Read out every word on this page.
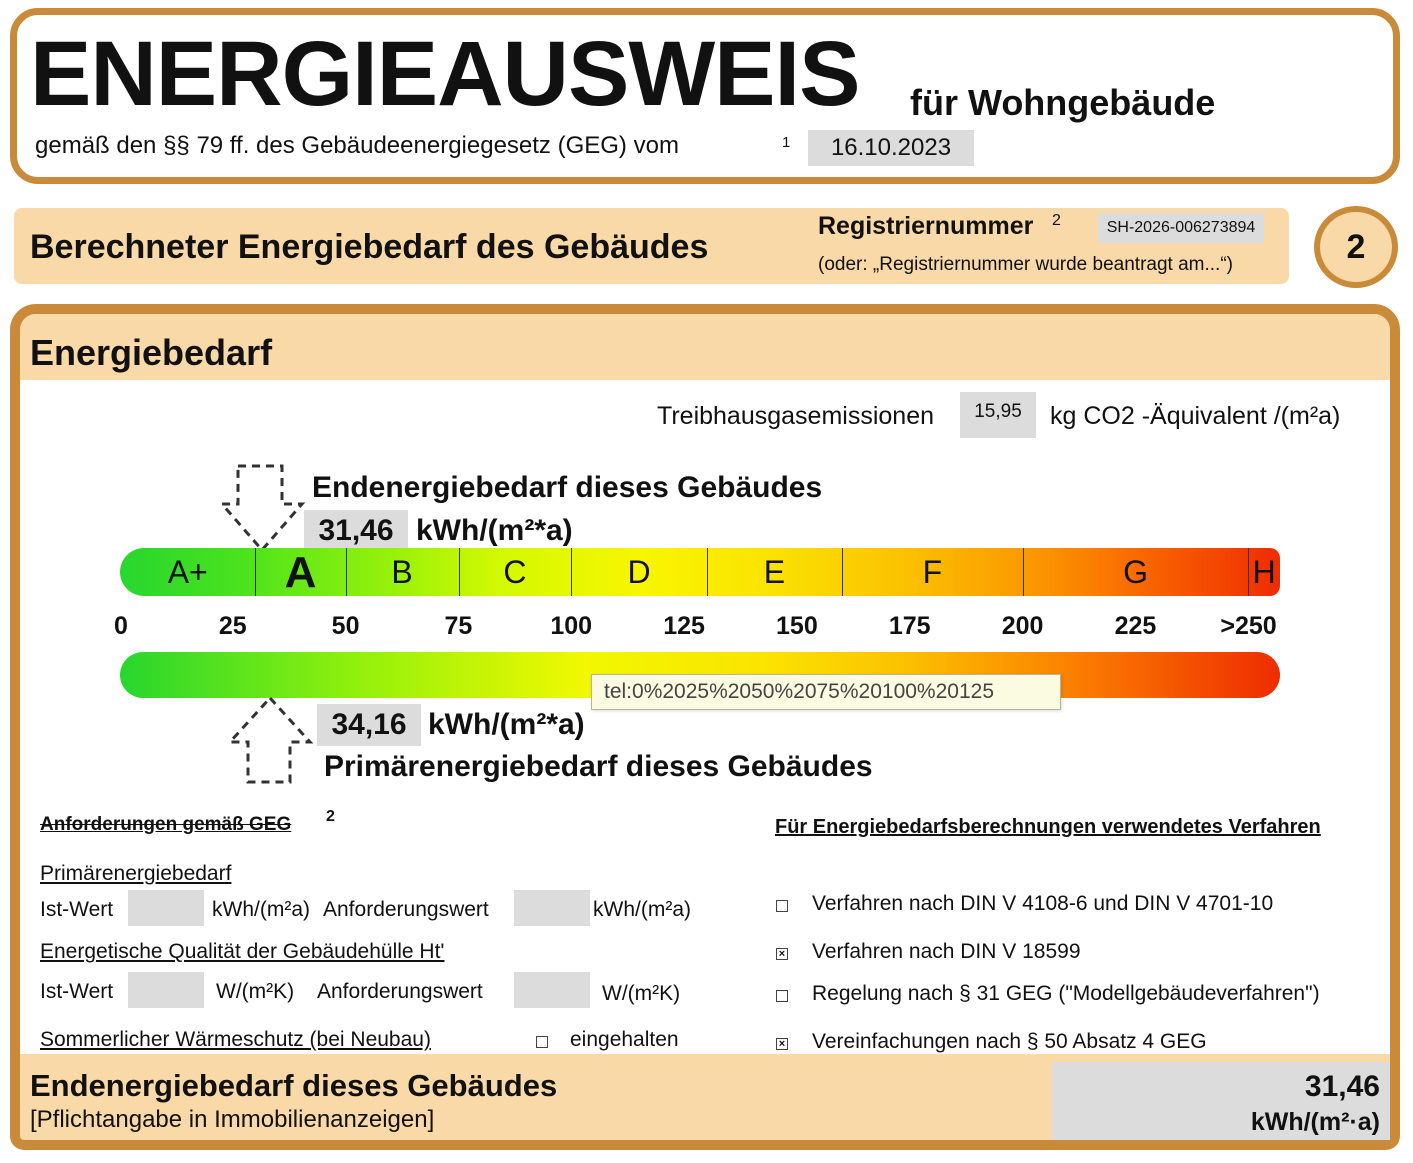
ENERGIEAUSWEIS für Wohngebäude
gemäß den §§ 79 ff. des Gebäudeenergiegesetz (GEG) vom	1	16.10.2023
Berechneter Energiebedarf des Gebäudes
Registriernummer 2	SH-2026-006273894
(oder: „Registriernummer wurde beantragt am...“)	2
Energiebedarf
Treibhausgasemissionen	15,95	kg CO2 -Äquivalent /(m²a)
Endenergiebedarf dieses Gebäudes
31,46 kWh/(m²*a)
A+	A	B	C	D	E	F	G	H
0	25	50	75	100	125	150	175	200	225	>250
tel:0%2025%2050%2075%20100%20125
34,16 kWh/(m²*a)
Primärenergiebedarf dieses Gebäudes
Anforderungen gemäß GEG 2
Primärenergiebedarf
Ist-Wert	kWh/(m²a) Anforderungswert	kWh/(m²a)
Energetische Qualität der Gebäudehülle Ht'
Ist-Wert	W/(m²K) Anforderungswert	W/(m²K)
Sommerlicher Wärmeschutz (bei Neubau)	eingehalten
Für Energiebedarfsberechnungen verwendetes Verfahren
Verfahren nach DIN V 4108-6 und DIN V 4701-10
× Verfahren nach DIN V 18599
Regelung nach § 31 GEG ("Modellgebäudeverfahren")
× Vereinfachungen nach § 50 Absatz 4 GEG
Endenergiebedarf dieses Gebäudes
[Pflichtangabe in Immobilienanzeigen]
31,46
kWh/(m²·a)
